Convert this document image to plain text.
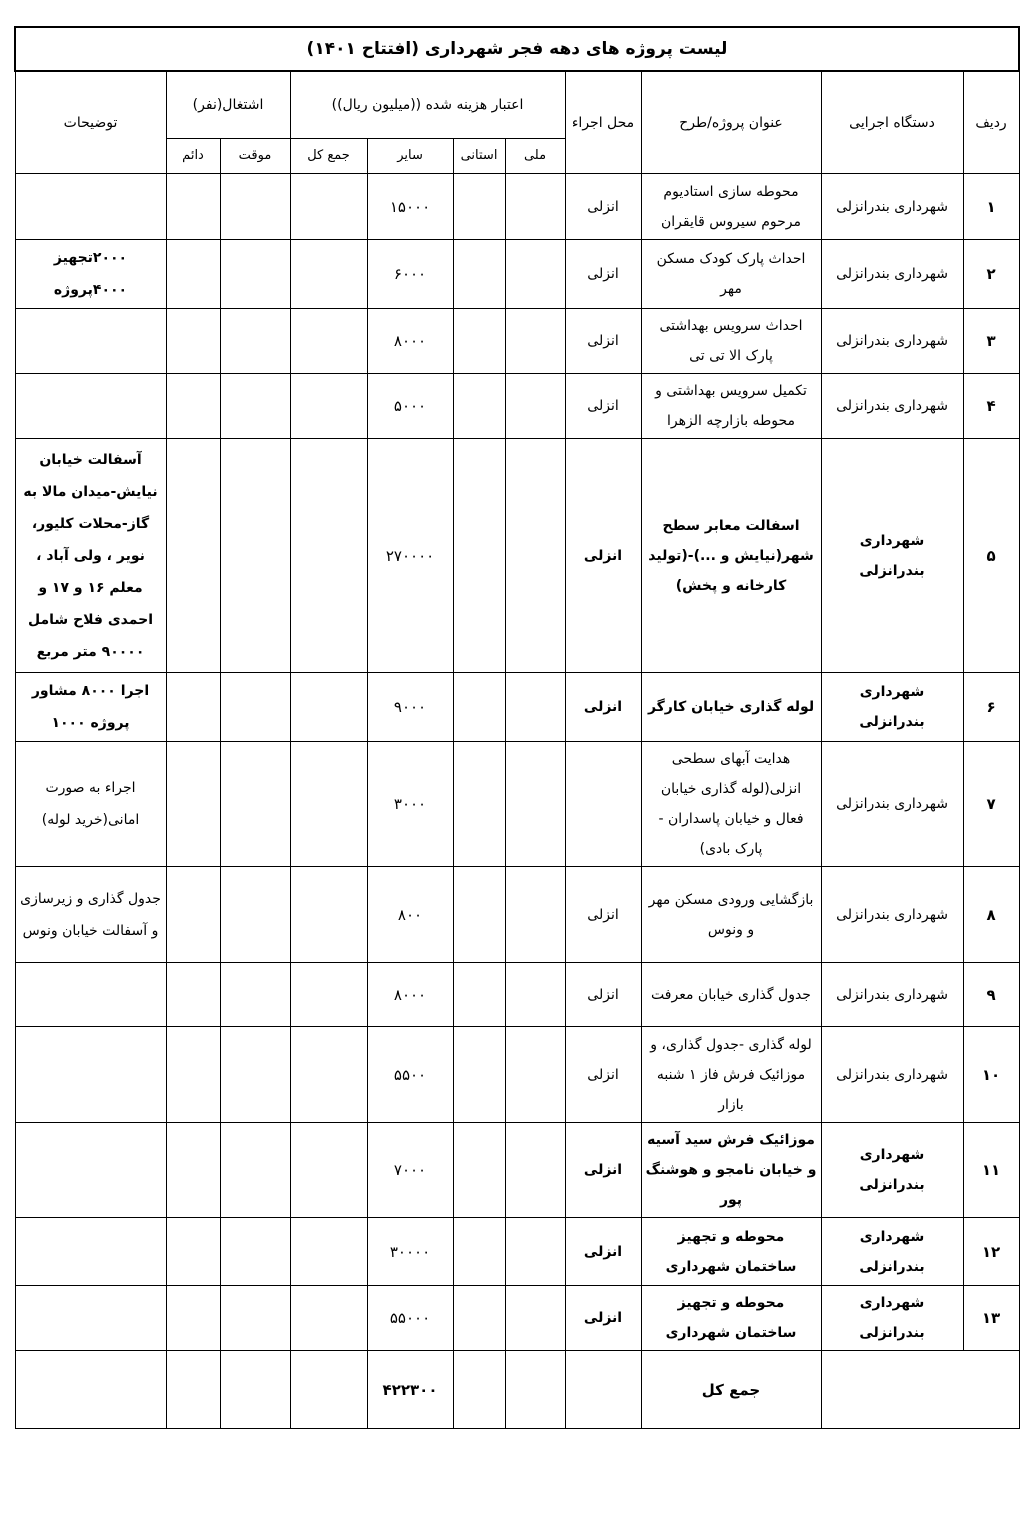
لیست پروژه های دهه فجر شهرداری (افتتاح ۱۴۰۱)										
ردیف	دستگاه اجرایی	عنوان پروژه/طرح	محل اجراء	اعتبار هزینه شده ((میلیون ریال))				اشتغال(نفر)		توضیحات
				ملی	استانی	سایر	جمع کل	موقت	دائم	
۱	شهرداری بندرانزلی	محوطه سازی استادیوم مرحوم سیروس قایقران	انزلی			۱۵۰۰۰				
۲	شهرداری بندرانزلی	احداث پارک کودک مسکن مهر	انزلی			۶۰۰۰				۲۰۰۰تجهیز ۴۰۰۰پروژه
۳	شهرداری بندرانزلی	احداث سرویس بهداشتی پارک الا تی تی	انزلی			۸۰۰۰				
۴	شهرداری بندرانزلی	تکمیل سرویس بهداشتی و محوطه بازارچه الزهرا	انزلی			۵۰۰۰				
۵	شهرداری بندرانزلی	اسفالت معابر سطح شهر(نیایش و ...)-(تولید کارخانه و پخش)	انزلی			۲۷۰۰۰۰				آسفالت خیابان نیایش-میدان مالا به گاز-محلات کلیور، نویر ، ولی آباد ، معلم ۱۶ و ۱۷ و احمدی فلاح شامل ۹۰۰۰۰ متر مربع
۶	شهرداری بندرانزلی	لوله گذاری خیابان کارگر	انزلی			۹۰۰۰				اجرا ۸۰۰۰ مشاور پروژه ۱۰۰۰
۷	شهرداری بندرانزلی	هدایت آبهای سطحی انزلی(لوله گذاری خیابان فعال و خیابان پاسداران - پارک بادی)				۳۰۰۰				اجراء به صورت امانی(خرید لوله)
۸	شهرداری بندرانزلی	بازگشایی ورودی مسکن مهر و ونوس	انزلی			۸۰۰				جدول گذاری و زیرسازی و آسفالت خیابان ونوس
۹	شهرداری بندرانزلی	جدول گذاری خیابان معرفت	انزلی			۸۰۰۰				
۱۰	شهرداری بندرانزلی	لوله گذاری -جدول گذاری، و موزائیک فرش فاز ۱ شنبه بازار	انزلی			۵۵۰۰				
۱۱	شهرداری بندرانزلی	موزائیک فرش سید آسیه و خیابان نامجو و هوشنگ پور	انزلی			۷۰۰۰				
۱۲	شهرداری بندرانزلی	محوطه و تجهیز ساختمان شهرداری	انزلی			۳۰۰۰۰				
۱۳	شهرداری بندرانزلی	محوطه و تجهیز ساختمان شهرداری	انزلی			۵۵۰۰۰				
		جمع کل				۴۲۲۳۰۰				
